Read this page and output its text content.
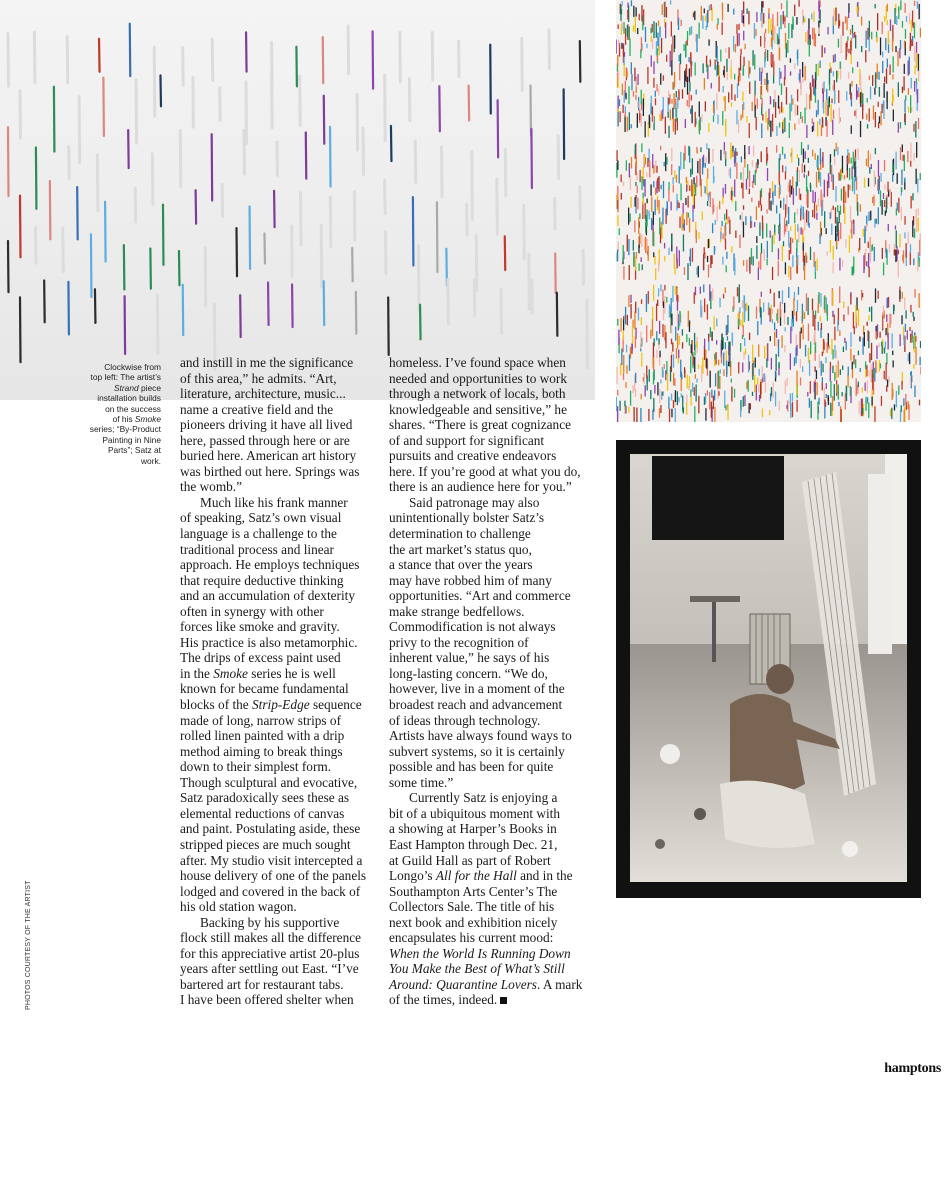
Clockwise from
top left: The artist’s
Strand piece
installation builds
on the success
of his Smoke
series; “By-Product
Painting in Nine
Parts”; Satz at work.
and instill in me the significance
of this area,” he admits. “Art,
literature, architecture, music...
name a creative field and the
pioneers driving it have all lived
here, passed through here or are
buried here. American art history
was birthed out here. Springs was
the womb.”
Much like his frank manner
of speaking, Satz’s own visual
language is a challenge to the
traditional process and linear
approach. He employs techniques
that require deductive thinking
and an accumulation of dexterity
often in synergy with other
forces like smoke and gravity.
His practice is also metamorphic.
The drips of excess paint used
in the Smoke series he is well
known for became fundamental
blocks of the Strip-Edge sequence
made of long, narrow strips of
rolled linen painted with a drip
method aiming to break things
down to their simplest form.
Though sculptural and evocative,
Satz paradoxically sees these as
elemental reductions of canvas
and paint. Postulating aside, these
stripped pieces are much sought
after. My studio visit intercepted a
house delivery of one of the panels
lodged and covered in the back of
his old station wagon.
Backing by his supportive
flock still makes all the difference
for this appreciative artist 20-plus
years after settling out East. “I’ve
bartered art for restaurant tabs.
I have been offered shelter when
homeless. I’ve found space when
needed and opportunities to work
through a network of locals, both
knowledgeable and sensitive,” he
shares. “There is great cognizance
of and support for significant
pursuits and creative endeavors
here. If you’re good at what you do,
there is an audience here for you.”
Said patronage may also
unintentionally bolster Satz’s
determination to challenge
the art market’s status quo,
a stance that over the years
may have robbed him of many
opportunities. “Art and commerce
make strange bedfellows.
Commodification is not always
privy to the recognition of
inherent value,” he says of his
long-lasting concern. “We do,
however, live in a moment of the
broadest reach and advancement
of ideas through technology.
Artists have always found ways to
subvert systems, so it is certainly
possible and has been for quite
some time.”
Currently Satz is enjoying a
bit of a ubiquitous moment with
a showing at Harper’s Books in
East Hampton through Dec. 21,
at Guild Hall as part of Robert
Longo’s All for the Hall and in the
Southampton Arts Center’s The
Collectors Sale. The title of his
next book and exhibition nicely
encapsulates his current mood:
When the World Is Running Down
You Make the Best of What’s Still
Around: Quarantine Lovers. A mark
of the times, indeed.
PHOTOS COURTESY OF THE ARTIST
hamptons
